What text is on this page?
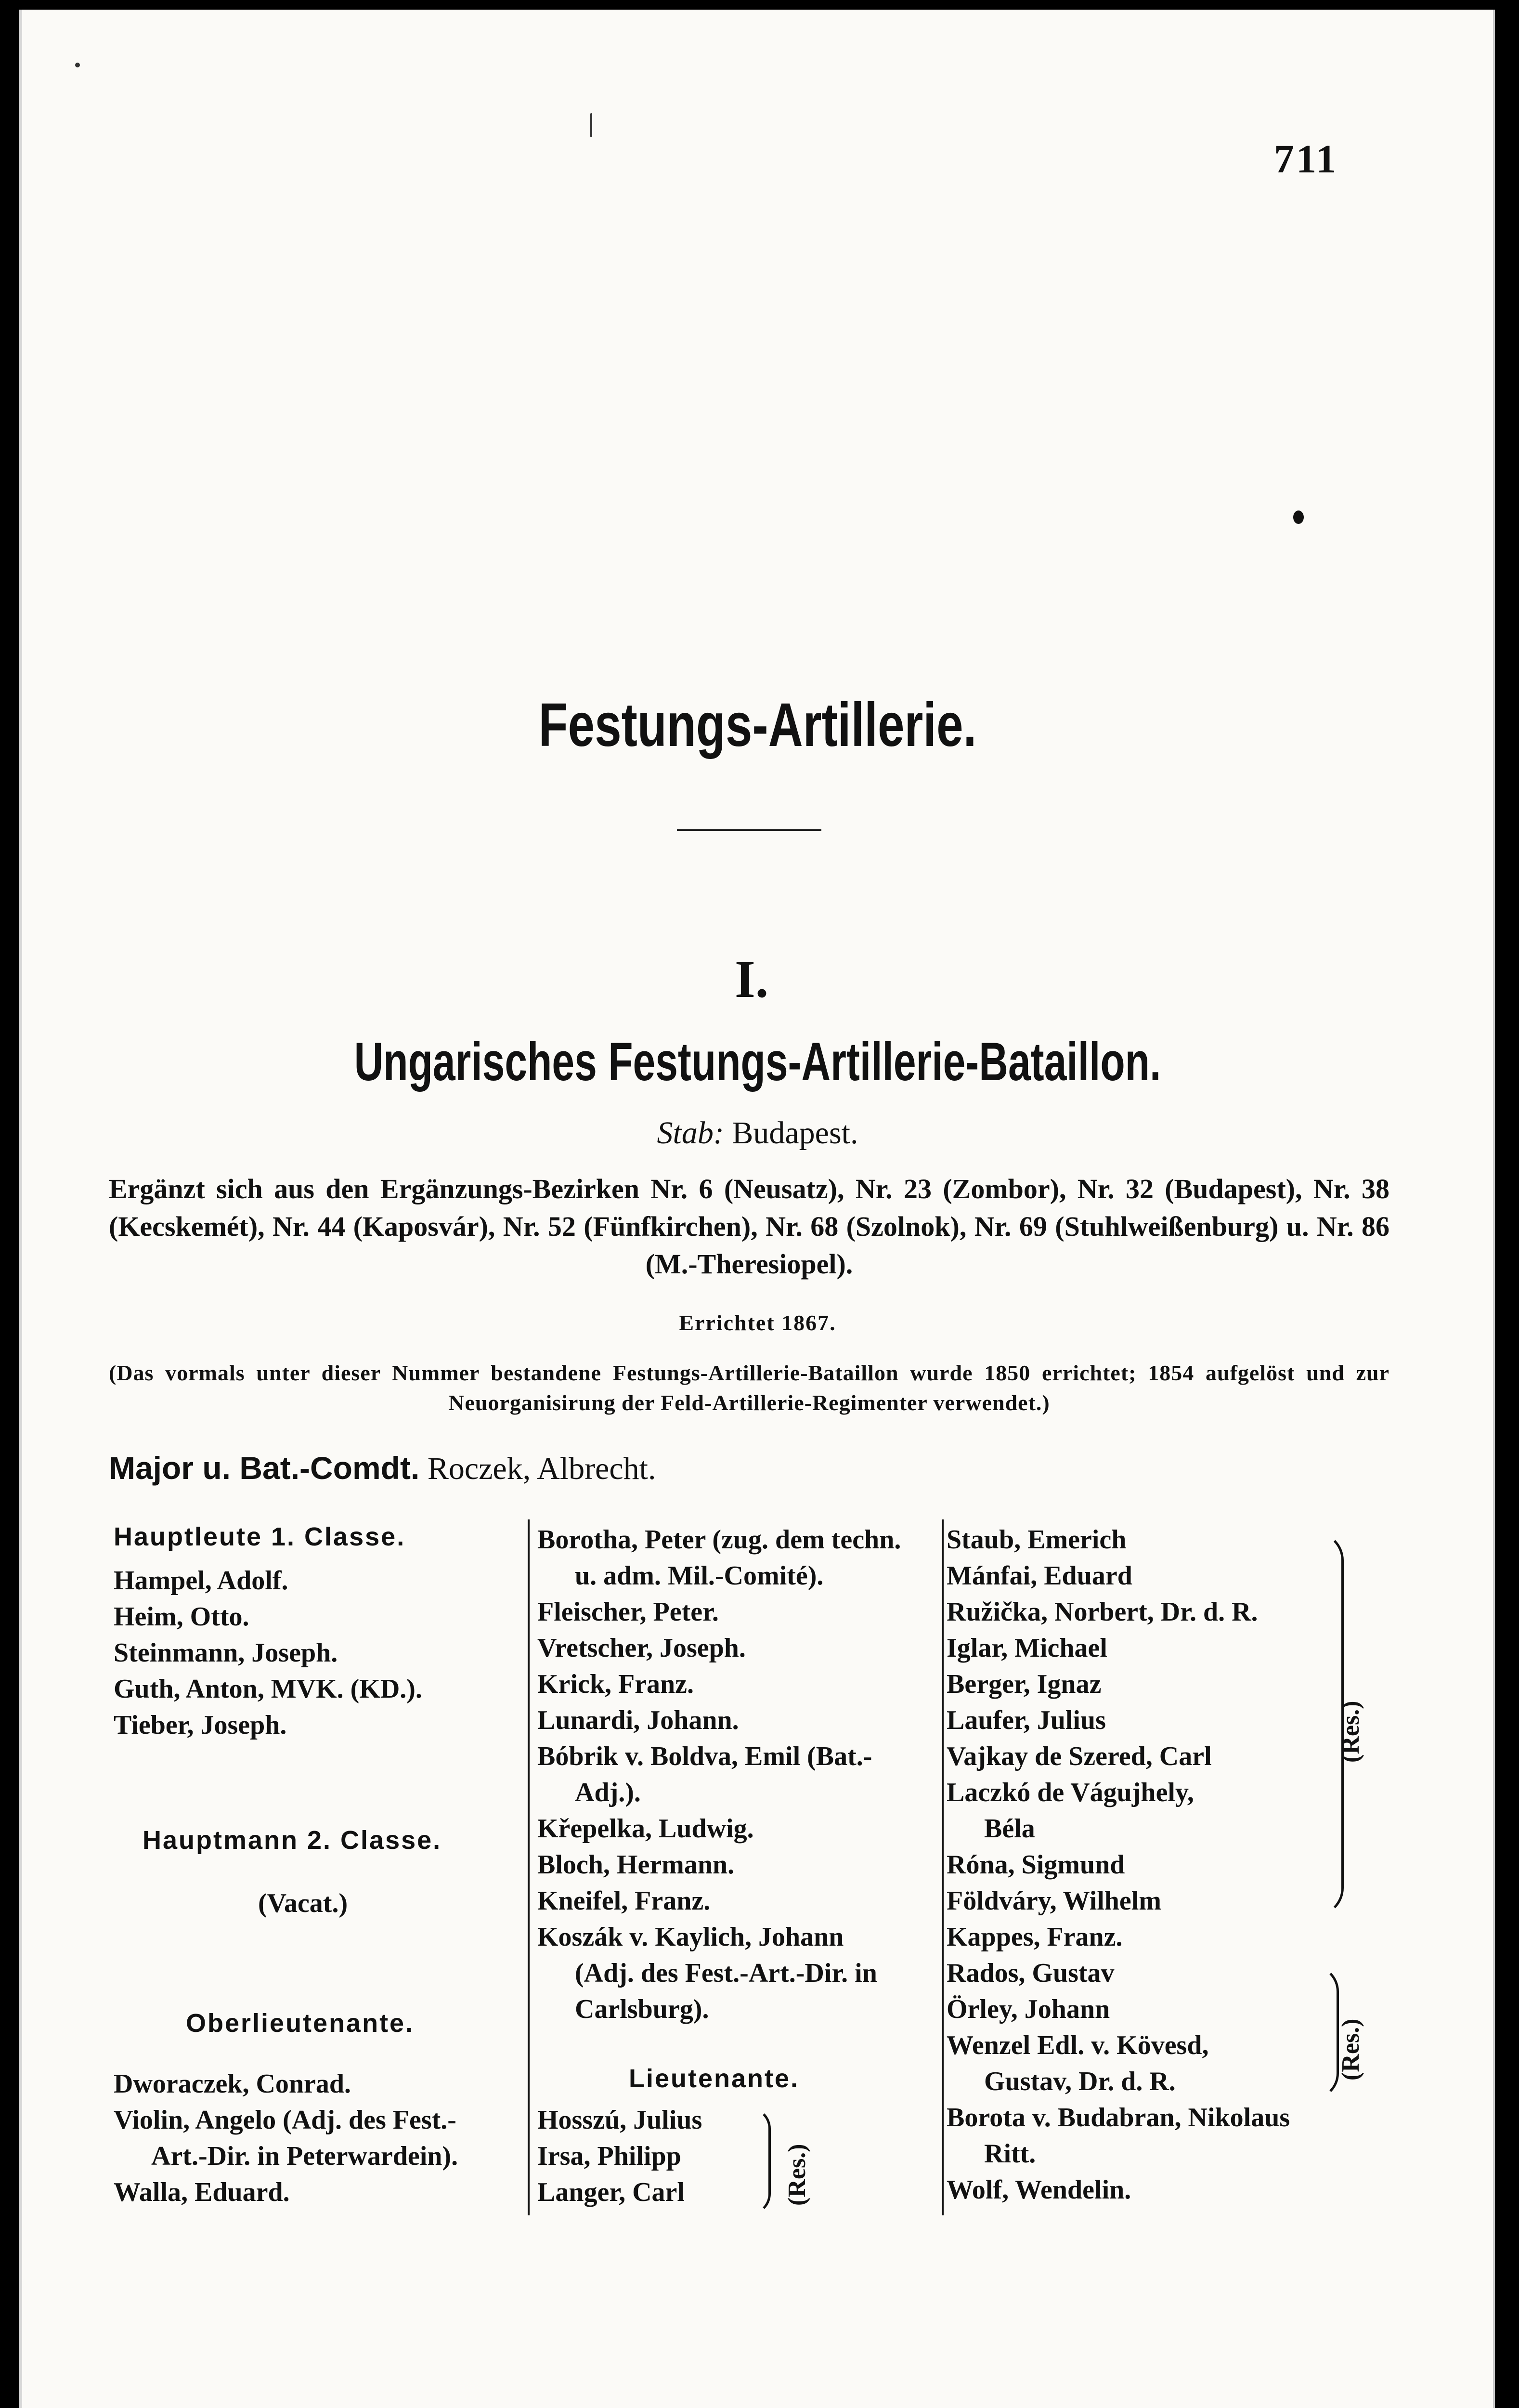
711
Festungs-Artillerie.
I.
Ungarisches Festungs-Artillerie-Bataillon.
Stab: Budapest.
Ergänzt sich aus den Ergänzungs-Bezirken Nr. 6 (Neusatz), Nr. 23 (Zombor), Nr. 32 (Budapest), Nr. 38 (Kecskemét), Nr. 44 (Kaposvár), Nr. 52 (Fünfkirchen), Nr. 68 (Szolnok), Nr. 69 (Stuhlweißenburg) u. Nr. 86 (M.-Theresiopel).
Errichtet 1867.
(Das vormals unter dieser Nummer bestandene Festungs-Artillerie-Bataillon wurde 1850 errichtet; 1854 aufgelöst und zur Neuorganisirung der Feld-Artillerie-Regimenter verwendet.)
Major u. Bat.-Comdt. Roczek, Albrecht.
Hauptleute 1. Classe.
Hampel, Adolf.
Heim, Otto.
Steinmann, Joseph.
Guth, Anton, MVK. (KD.).
Tieber, Joseph.
Hauptmann 2. Classe.
(Vacat.)
Oberlieutenante.
Dworaczek, Conrad.
Violin, Angelo (Adj. des Fest.-
Art.-Dir. in Peterwardein).
Walla, Eduard.
Borotha, Peter (zug. dem techn.
u. adm. Mil.-Comité).
Fleischer, Peter.
Vretscher, Joseph.
Krick, Franz.
Lunardi, Johann.
Bóbrik v. Boldva, Emil (Bat.-
Adj.).
Křepelka, Ludwig.
Bloch, Hermann.
Kneifel, Franz.
Koszák v. Kaylich, Johann
(Adj. des Fest.-Art.-Dir. in
Carlsburg).
Lieutenante.
Hosszú, Julius
Irsa, Philipp
Langer, Carl	(Res.)
Staub, Emerich
Mánfai, Eduard
Ružička, Norbert, Dr. d. R.
Iglar, Michael
Berger, Ignaz
Laufer, Julius
Vajkay de Szered, Carl
Laczkó de Vágujhely,
Béla
Róna, Sigmund
Földváry, Wilhelm
Kappes, Franz.
Rados, Gustav
Örley, Johann
Wenzel Edl. v. Kövesd,
Gustav, Dr. d. R.
Borota v. Budabran, Nikolaus
Ritt.
Wolf, Wendelin.
(Res.)
(Res.)
